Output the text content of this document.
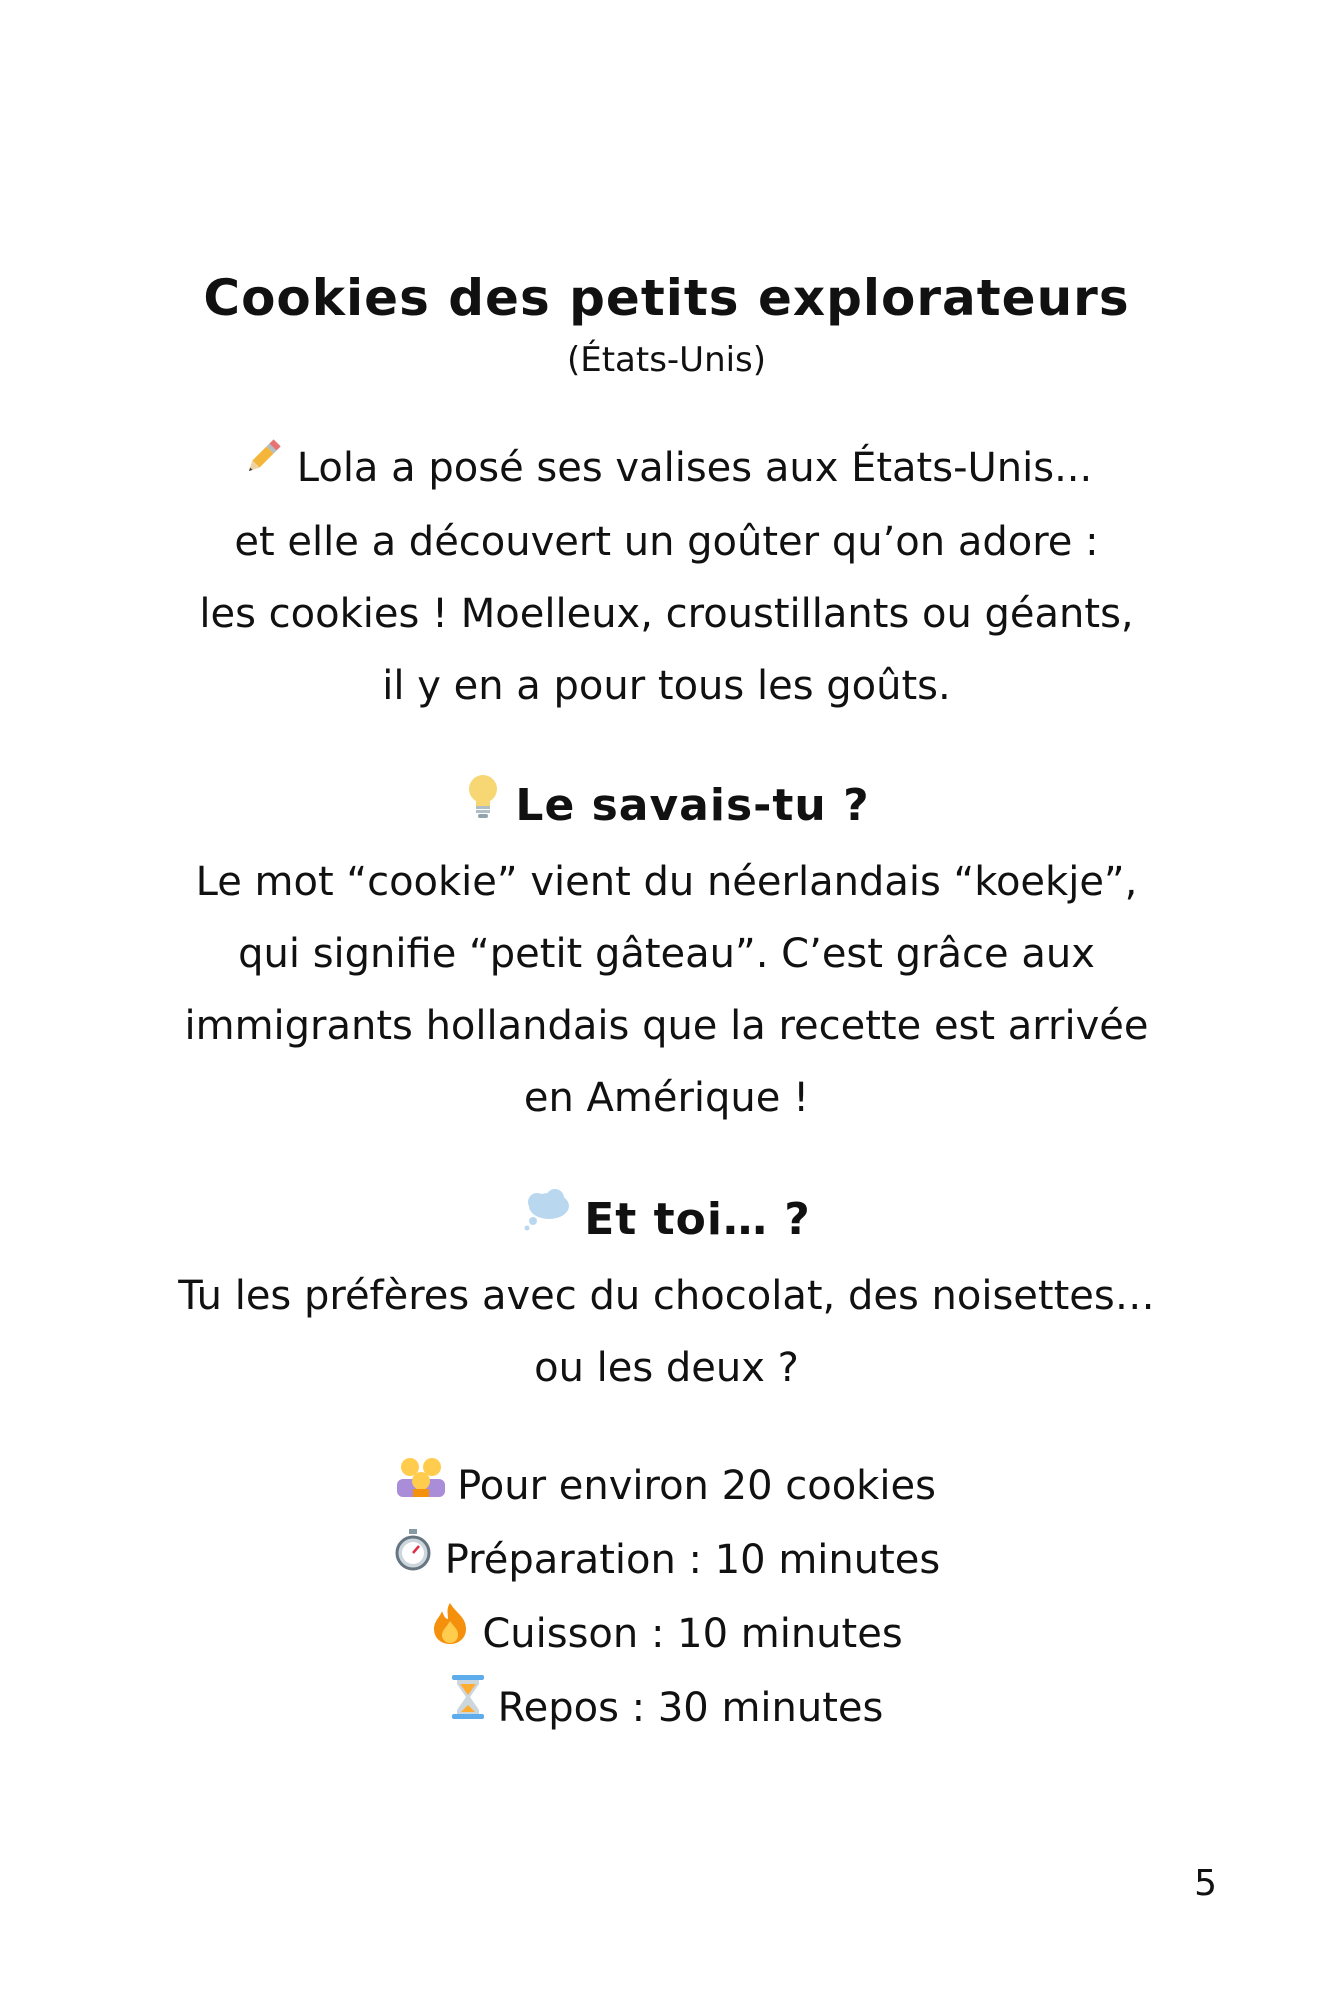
Cookies des petits explorateurs
(États-Unis)
Lola a posé ses valises aux États-Unis...
et elle a découvert un goûter qu’on adore :
les cookies ! Moelleux, croustillants ou géants,
il y en a pour tous les goûts.
Le savais-tu ?
Le mot “cookie” vient du néerlandais “koekje”,
qui signifie “petit gâteau”. C’est grâce aux
immigrants hollandais que la recette est arrivée
en Amérique !
Et toi… ?
Tu les préfères avec du chocolat, des noisettes…
ou les deux ?
Pour environ 20 cookies
Préparation : 10 minutes
Cuisson : 10 minutes
Repos : 30 minutes
5
